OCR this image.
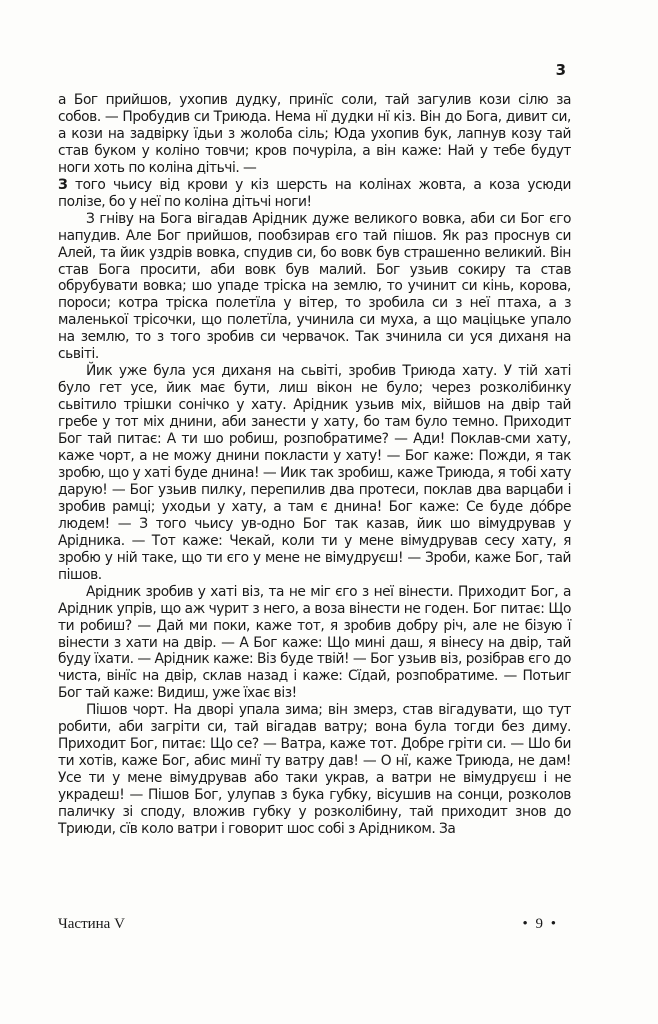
3

а Бог прийшов, ухопив дудку, принїс соли, тай загулив кози сілю за собов. — Пробудив си Триюда. Нема нї дудки нї кіз. Він до Бога, дивит си, а кози на задвірку їдьи з жолоба сіль; Юда ухопив бук, лапнув козу тай став буком у коліно товчи; кров почуріла, а він каже: Най у тебе будут ноги хоть по коліна дітьчі. —

З того чьису від крови у кіз шерсть на колінах жовта, а коза усюди полізе, бо у неї по коліна дітьчі ноги!

З гніву на Бога вігадав Арідник дуже великого вовка, аби си Бог єго напудив. Але Бог прийшов, пообзирав єго тай пішов. Як раз проснув си Алей, та йик уздрів вовка, спудив си, бо вовк був страшенно великий. Він став Бога просити, аби вовк був малий. Бог узьив сокиру та став обрубувати вовка; шо упаде тріска на землю, то учинит си кінь, корова, пороси; котра тріска полетїла у вітер, то зробила си з неї птаха, а з маленької трісочки, що полетїла, учинила си муха, а що маціцьке упало на землю, то з того зробив си червачок. Так зчинила си уся диханя на сьвіті.

Йик уже була уся диханя на сьвіті, зробив Триюда хату. У тій хаті було гет усе, йик має бути, лиш вікон не було; через розколібинку сьвітило трішки сонічко у хату. Арідник узьив міх, війшов на двір тай гребе у тот міх днини, аби занести у хату, бо там було темно. Приходит Бог тай питає: А ти шо робиш, розпобратиме? — Ади! Поклав-сми хату, каже чорт, а не можу днини покласти у хату! — Бог каже: Пожди, я так зробю, що у хаті буде днина! — Иик так зробиш, каже Триюда, я тобі хату дарую! — Бог узьив пилку, перепилив два протеси, поклав два варцаби і зробив рамці; уходьи у хату, а там є днина! Бог каже: Се буде дóбре людем! — З того чьису ув-одно Бог так казав, йик шо вімудрував у Арідника. — Тот каже: Чекай, коли ти у мене вімудрував сесу хату, я зробю у ній таке, що ти єго у мене не вімудруєш! — Зроби, каже Бог, тай пішов.

Арідник зробив у хаті віз, та не міг єго з неї вінести. Приходит Бог, а Арідник упрів, що аж чурит з него, а воза вінести не годен. Бог питає: Що ти робиш? — Дай ми поки, каже тот, я зробив добру річ, але не бізую ї вінести з хати на двір. — А Бог каже: Що мині даш, я вінесу на двір, тай буду їхати. — Арідник каже: Віз буде твій! — Бог узьив віз, розібрав єго до чиста, вінїс на двір, склав назад і каже: Сїдай, розпобратиме. — Потьиг Бог тай каже: Видиш, уже їхає віз!

Пішов чорт. На дворі упала зима; він змерз, став вігадувати, що тут робити, аби загріти си, тай вігадав ватру; вона була тогди без диму. Приходит Бог, питає: Що се? — Ватра, каже тот. Добре гріти си. — Шо би ти хотів, каже Бог, абис минї ту ватру дав! — О нї, каже Триюда, не дам! Усе ти у мене вімудрував або таки украв, а ватри не вімудруєш і не украдеш! — Пішов Бог, улупав з бука губку, вісушив на сонци, розколов паличку зі споду, вложив губку у розколібину, тай приходит знов до Триюди, сїв коло ватри і говорит шос собі з Арідником. За

Частина V	• 9 •
